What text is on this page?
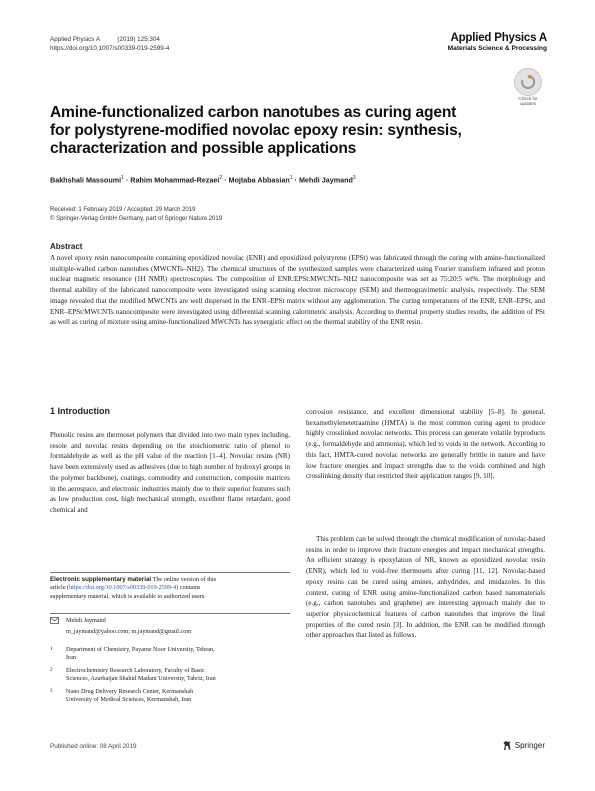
Applied Physics A	(2019) 125:304
https://doi.org/10.1007/s00339-019-2599-4
Applied Physics A
Materials Science & Processing
Check for
updates
Amine-functionalized carbon nanotubes as curing agent
for polystyrene-modified novolac epoxy resin: synthesis,
characterization and possible applications
Bakhshali Massoumi$^1$ · Rahim Mohammad-Rezaei$^2$ · Mojtaba Abbasian$^1$ · Mehdi Jaymand$^3$
Received: 1 February 2019 / Accepted: 29 March 2019
© Springer-Verlag GmbH Germany, part of Springer Nature 2019
Abstract

A novel epoxy resin nanocomposite containing epoxidized novolac (ENR) and epoxidized polystyrene (EPSt) was fabricated through the curing with amine-functionalized multiple-walled carbon nanotubes (MWCNTs–NH2). The chemical structures of the synthesized samples were characterized using Fourier transform infrared and proton nuclear magnetic resonance (1H NMR) spectroscopies. The composition of ENR:EPSt:MWCNTs–NH2 nanocomposite was set as 75:20:5 wt%. The morphology and thermal stability of the fabricated nanocomposite were investigated using scanning electron microscopy (SEM) and thermogravimetric analysis, respectively. The SEM image revealed that the modified MWCNTs are well dispersed in the ENR–EPSt matrix without any agglomeration. The curing temperatures of the ENR, ENR–EPSt, and ENR–EPSt/MWCNTs nanocomposite were investigated using differential scanning calorimetric analysis. According to thermal property studies results, the addition of PSt as well as curing of mixture using amine-functionalized MWCNTs has synergistic effect on the thermal stability of the ENR resin.

1 Introduction

Phenolic resins are thermoset polymers that divided into two main types including, resole and novolac resins depending on the stoichiometric ratio of phenol to formaldehyde as well as the pH value of the reaction [1–4]. Novolac resins (NR) have been extensively used as adhesives (due to high number of hydroxyl groups in the polymer backbone), coatings, commodity and construction, composite matrices in the aerospace, and electronic industries mainly due to their superior features such as low production cost, high mechanical strength, excellent flame retardant, good chemical and

corrosion resistance, and excellent dimensional stability [5–8]. In general, hexamethylenetetraamine (HMTA) is the most common curing agent to produce highly crosslinked novolac networks. This process can generate volatile byproducts (e.g., formaldehyde and ammonia), which led to voids in the network. According to this fact, HMTA-cured novolac networks are generally brittle in nature and have low fracture energies and impact strengths due to the voids combined and high crosslinking density that restricted their application ranges [9, 10].

This problem can be solved through the chemical modification of novolac-based resins in order to improve their fracture energies and impact mechanical strengths. An efficient strategy is epoxylation of NR, known as epoxidized novolac resin (ENR), which led to void-free thermosets after curing [11, 12]. Novolac-based epoxy resins can be cured using amines, anhydrides, and imidazoles. In this context, curing of ENR using amine-functionalized carbon based nanomaterials (e.g., carbon nanotubes and graphene) are interesting approach mainly due to superior physicochemical features of carbon nanotubes that improve the final properties of the cured resin [3]. In addition, the ENR can be modified through other approaches that listed as follows.

Electronic supplementary material The online version of this
article (https://doi.org/10.1007/s00339-019-2599-4) contains
supplementary material, which is available to authorized users.
Mehdi Jaymand
m_jaymand@yahoo.com; m.jaymand@gmail.com
1	Department of Chemistry, Payame Noor University, Tehran,
Iran
2	Electrochemistry Research Laboratory, Faculty of Basic
Sciences, Azarbaijan Shahid Madani University, Tabriz, Iran
3	Nano Drug Delivery Research Center, Kermanshah
University of Medical Sciences, Kermanshah, Iran
Published online: 08 April 2019	Springer
